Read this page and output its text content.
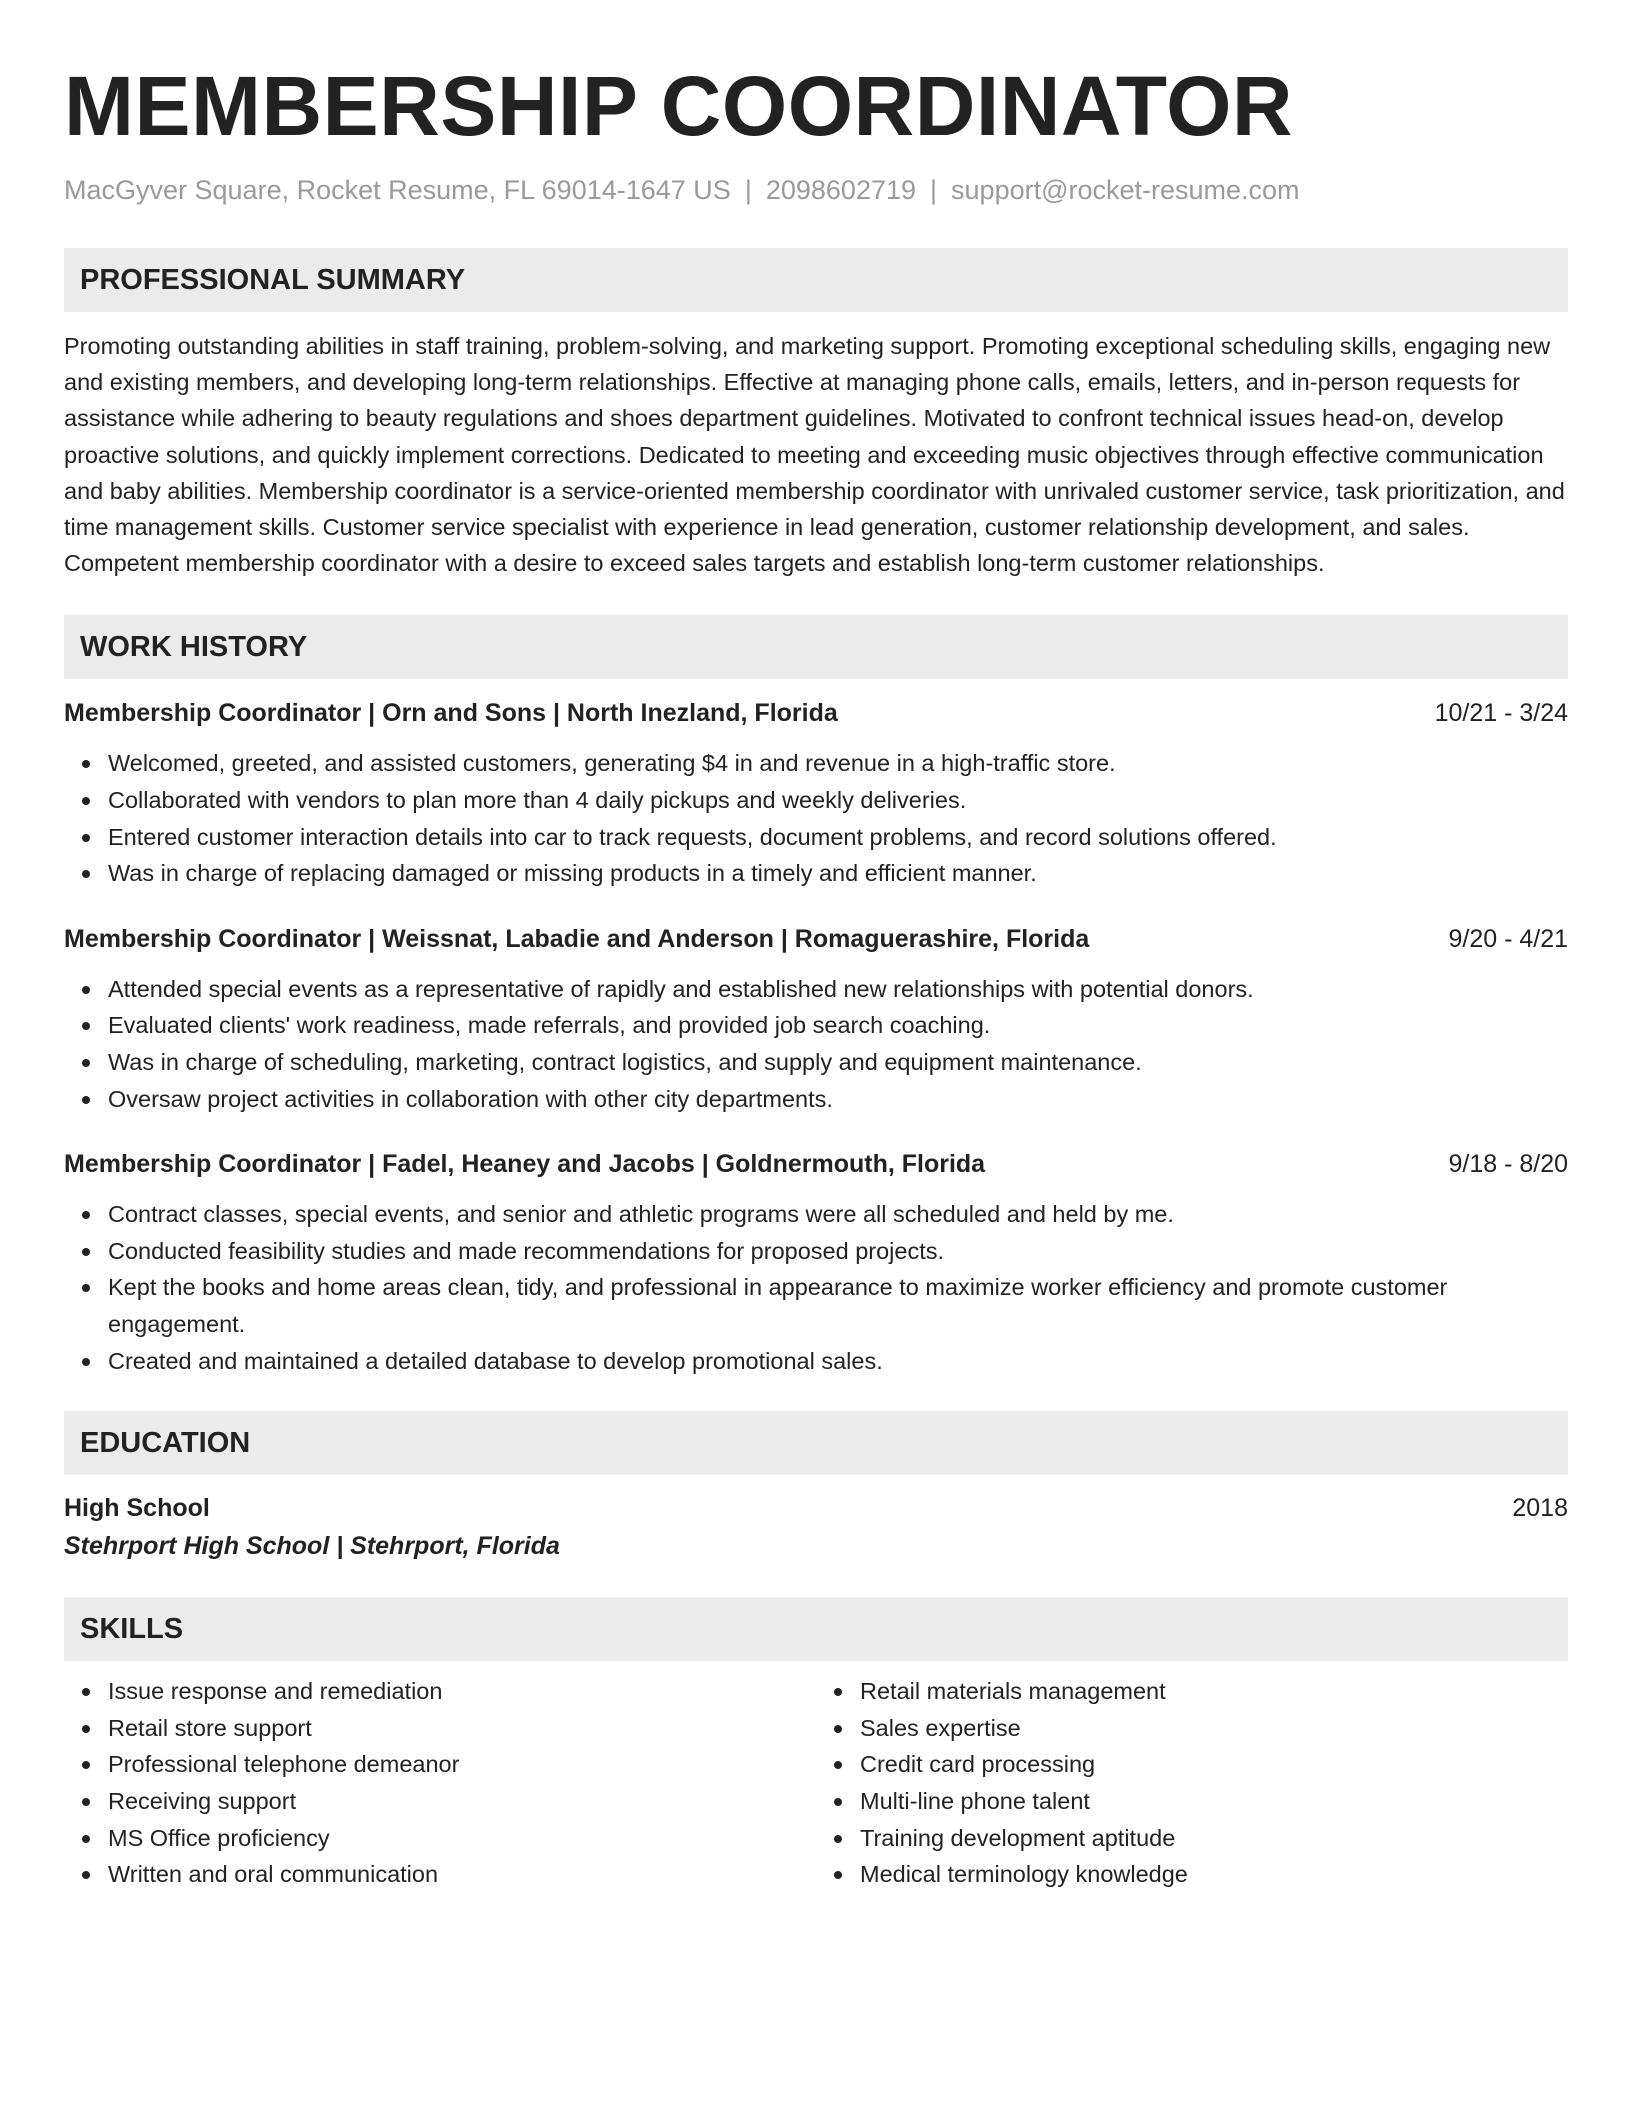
MEMBERSHIP COORDINATOR
MacGyver Square, Rocket Resume, FL 69014-1647 US | 2098602719 | support@rocket-resume.com
PROFESSIONAL SUMMARY

Promoting outstanding abilities in staff training, problem-solving, and marketing support. Promoting exceptional scheduling skills, engaging new and existing members, and developing long-term relationships. Effective at managing phone calls, emails, letters, and in-person requests for assistance while adhering to beauty regulations and shoes department guidelines. Motivated to confront technical issues head-on, develop proactive solutions, and quickly implement corrections. Dedicated to meeting and exceeding music objectives through effective communication and baby abilities. Membership coordinator is a service-oriented membership coordinator with unrivaled customer service, task prioritization, and time management skills. Customer service specialist with experience in lead generation, customer relationship development, and sales. Competent membership coordinator with a desire to exceed sales targets and establish long-term customer relationships.

WORK HISTORY
Membership Coordinator | Orn and Sons | North Inezland, Florida	10/21 - 3/24
Welcomed, greeted, and assisted customers, generating $4 in and revenue in a high-traffic store.
Collaborated with vendors to plan more than 4 daily pickups and weekly deliveries.
Entered customer interaction details into car to track requests, document problems, and record solutions offered.
Was in charge of replacing damaged or missing products in a timely and efficient manner.
Membership Coordinator | Weissnat, Labadie and Anderson | Romaguerashire, Florida	9/20 - 4/21
Attended special events as a representative of rapidly and established new relationships with potential donors.
Evaluated clients' work readiness, made referrals, and provided job search coaching.
Was in charge of scheduling, marketing, contract logistics, and supply and equipment maintenance.
Oversaw project activities in collaboration with other city departments.
Membership Coordinator | Fadel, Heaney and Jacobs | Goldnermouth, Florida	9/18 - 8/20
Contract classes, special events, and senior and athletic programs were all scheduled and held by me.
Conducted feasibility studies and made recommendations for proposed projects.
Kept the books and home areas clean, tidy, and professional in appearance to maximize worker efficiency and promote customer engagement.
Created and maintained a detailed database to develop promotional sales.
EDUCATION
High School	2018
Stehrport High School | Stehrport, Florida
SKILLS
Issue response and remediation
Retail store support
Professional telephone demeanor
Receiving support
MS Office proficiency
Written and oral communication
Retail materials management
Sales expertise
Credit card processing
Multi-line phone talent
Training development aptitude
Medical terminology knowledge
